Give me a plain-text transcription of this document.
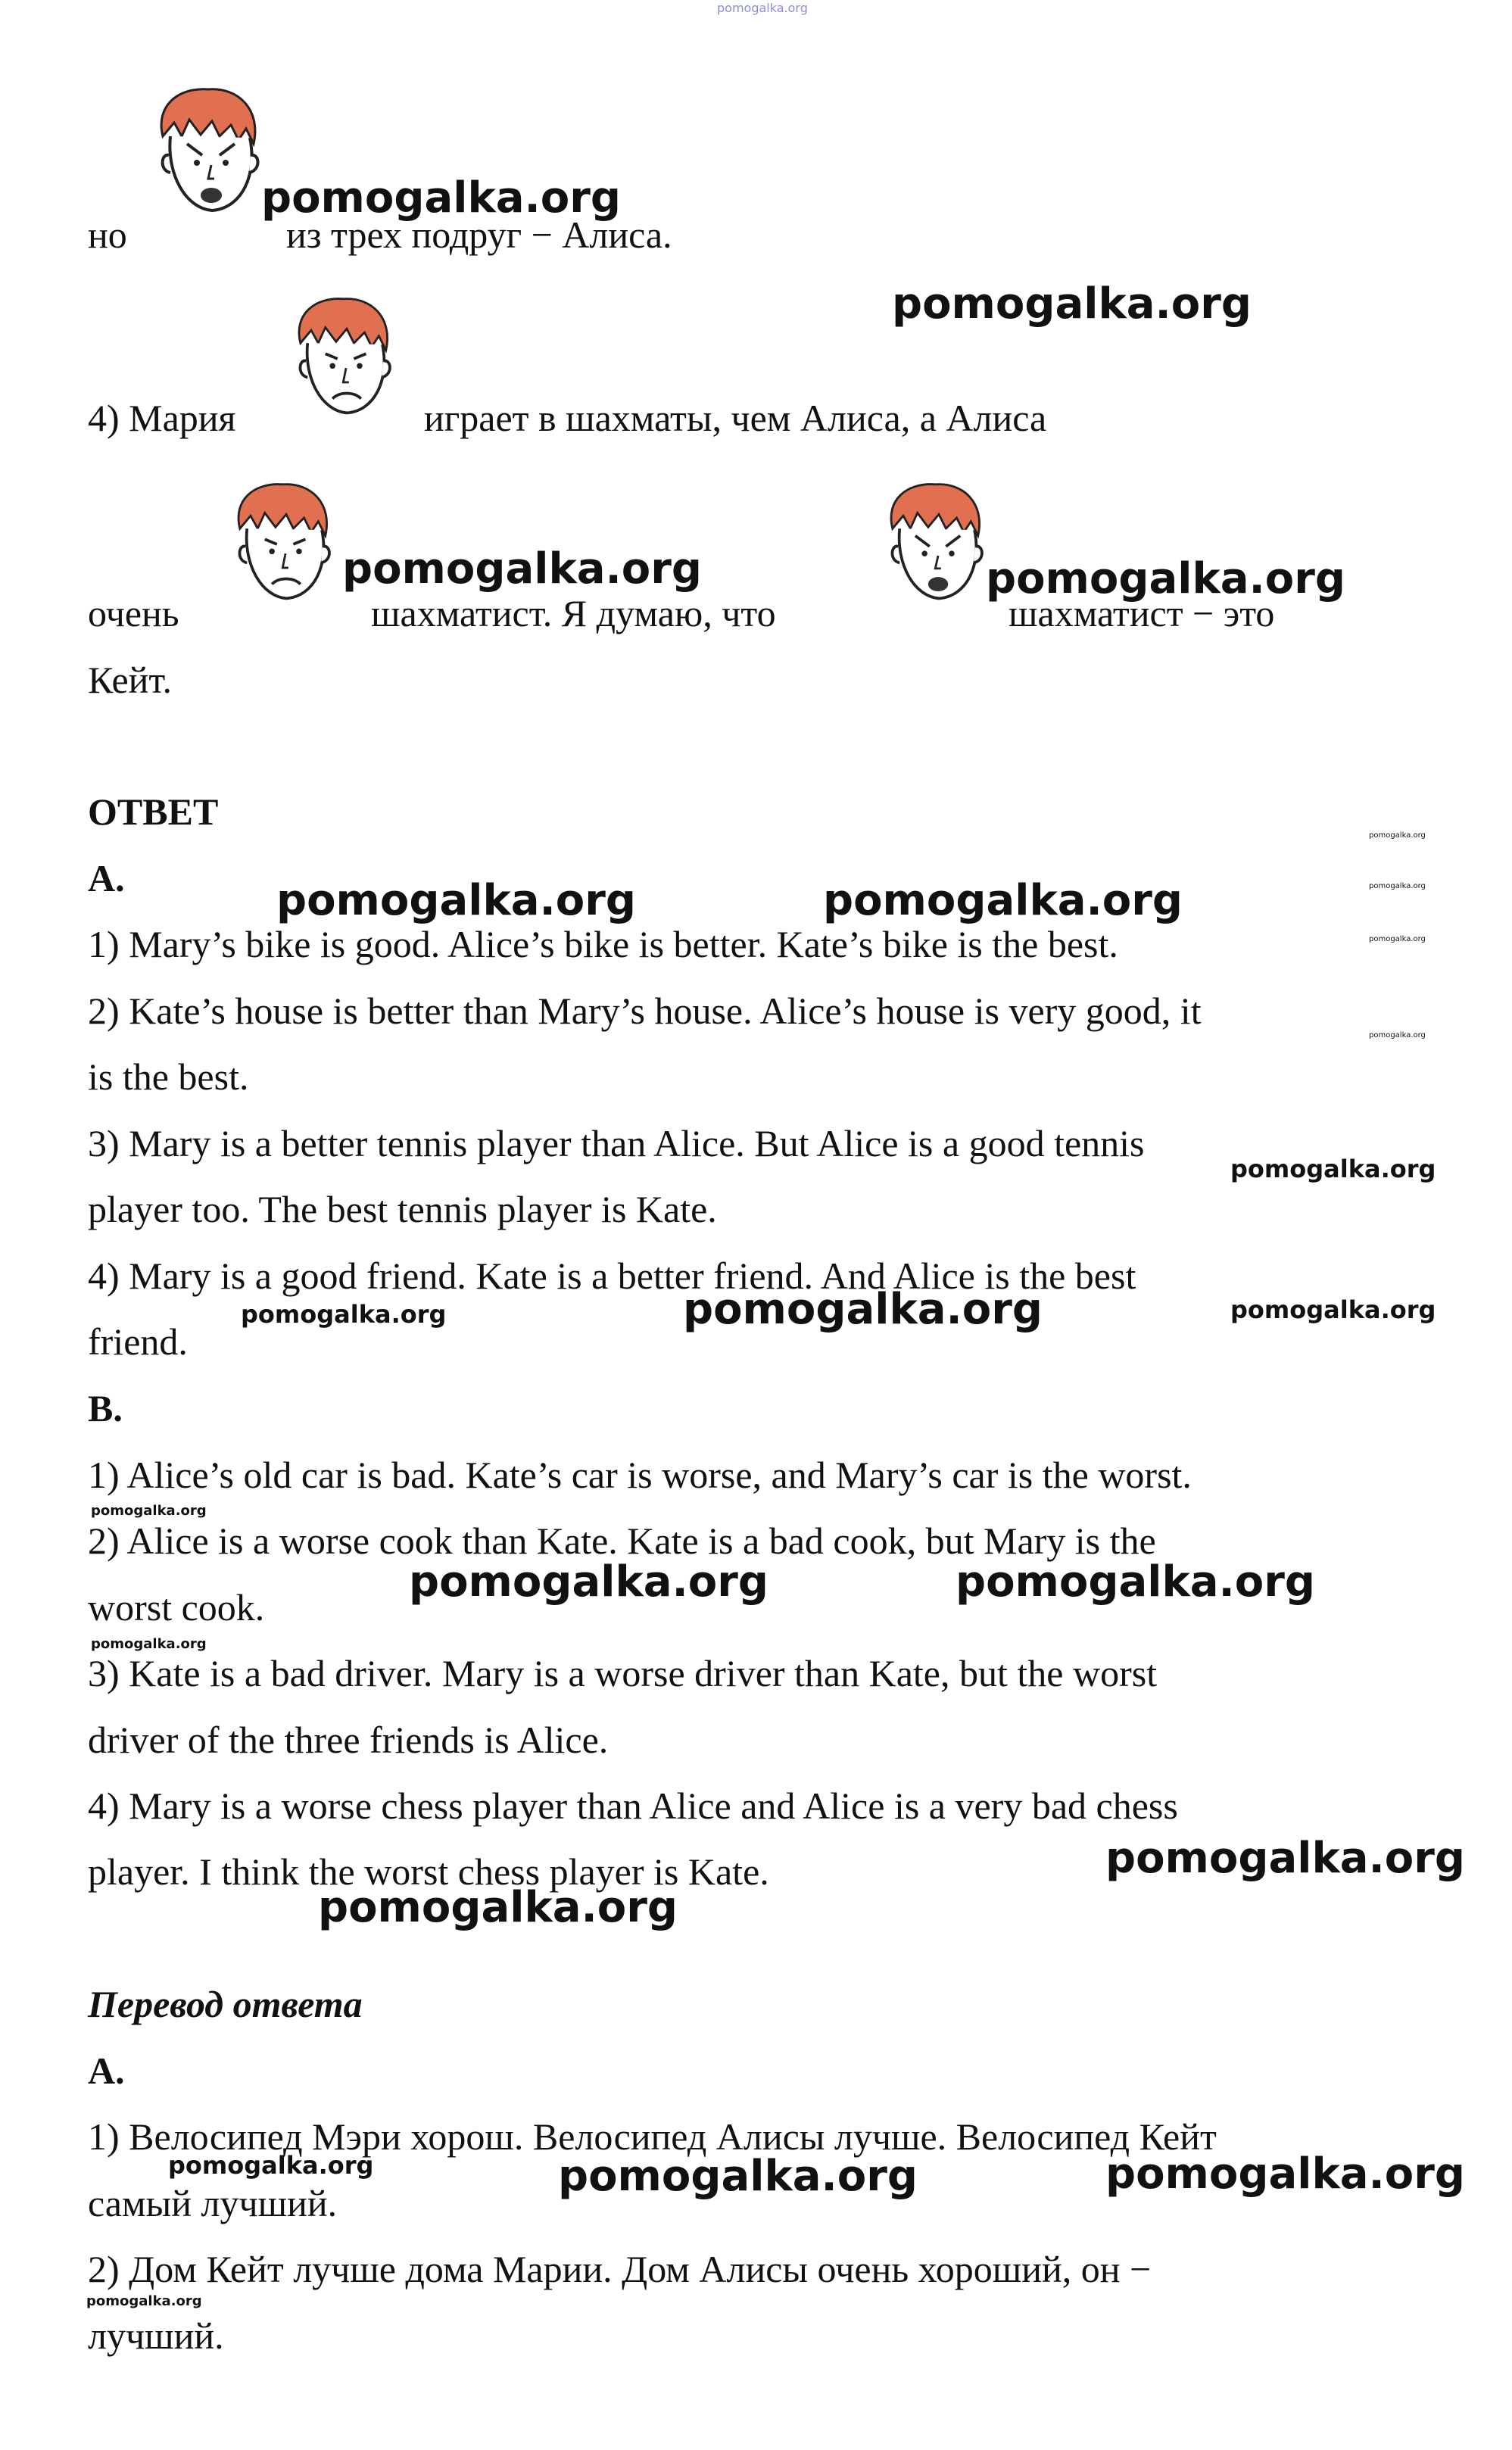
pomogalka.org
но	из трех подруг − Алиса.
pomogalka.org
pomogalka.org
4) Мария	играет в шахматы, чем Алиса, а Алиса
pomogalka.org	pomogalka.org
очень	шахматист. Я думаю, что	шахматист − это
Кейт.
ОТВЕТ
A.	pomogalka.org	pomogalka.org
pomogalka.org
pomogalka.org
pomogalka.org
pomogalka.org
1) Mary’s bike is good. Alice’s bike is better. Kate’s bike is the best.
2) Kate’s house is better than Mary’s house. Alice’s house is very good, it
is the best.
3) Mary is a better tennis player than Alice. But Alice is a good tennis
pomogalka.org
player too. The best tennis player is Kate.
4) Mary is a good friend. Kate is a better friend. And Alice is the best
pomogalka.org
pomogalka.org	pomogalka.org
friend.
B.
1) Alice’s old car is bad. Kate’s car is worse, and Mary’s car is the worst.
pomogalka.org
2) Alice is a worse cook than Kate. Kate is a bad cook, but Mary is the
pomogalka.org	pomogalka.org
worst cook.
pomogalka.org
3) Kate is a bad driver. Mary is a worse driver than Kate, but the worst
driver of the three friends is Alice.
4) Mary is a worse chess player than Alice and Alice is a very bad chess
pomogalka.org
player. I think the worst chess player is Kate.
pomogalka.org
Перевод ответа
A.
1) Велосипед Мэри хорош. Велосипед Алисы лучше. Велосипед Кейт
pomogalka.org	pomogalka.org	pomogalka.org
самый лучший.
2) Дом Кейт лучше дома Марии. Дом Алисы очень хороший, он −
pomogalka.org
лучший.
